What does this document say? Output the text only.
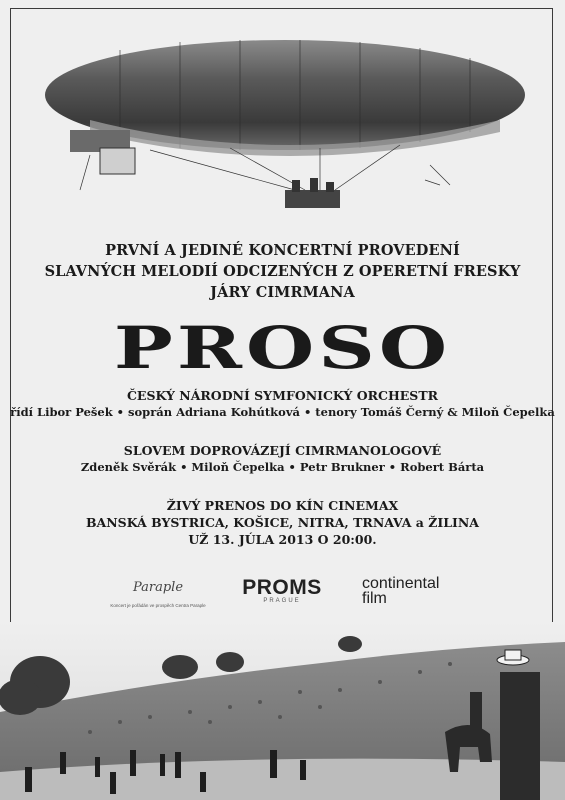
PRVNÍ A JEDINÉ KONCERTNÍ PROVEDENÍ
SLAVNÝCH MELODIÍ ODCIZENÝCH Z OPERETNÍ FRESKY
JÁRY CIMRMANA
PROSO
ČESKÝ NÁRODNÍ SYMFONICKÝ ORCHESTR
řídí Libor Pešek • soprán Adriana Kohútková • tenory Tomáš Černý & Miloň Čepelka
SLOVEM DOPROVÁZEJÍ CIMRMANOLOGOVÉ
Zdeněk Svěrák • Miloň Čepelka • Petr Brukner • Robert Bárta
ŽIVÝ PRENOS DO KÍN CINEMAX
BANSKÁ BYSTRICA, KOŠICE, NITRA, TRNAVA a ŽILINA
UŽ 13. JÚLA 2013 O 20:00.
Paraple
Koncert je pořádán ve prospěch Centra Paraple
PROMS
PRAGUE
continental
film
